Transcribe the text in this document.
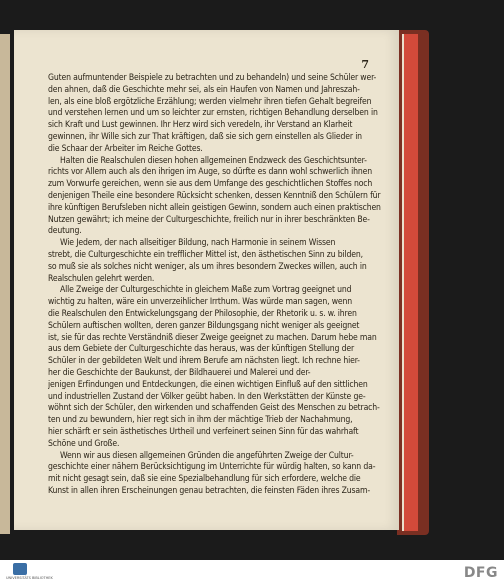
7
Guten aufmuntender Beispiele zu betrachten und zu behandeln) und seine Schüler wer-
den ahnen, daß die Geschichte mehr sei, als ein Haufen von Namen und Jahreszah-
len, als eine bloß ergötzliche Erzählung; werden vielmehr ihren tiefen Gehalt begreifen
und verstehen lernen und um so leichter zur ernsten, richtigen Behandlung derselben in
sich Kraft und Lust gewinnen. Ihr Herz wird sich veredeln, ihr Verstand an Klarheit
gewinnen, ihr Wille sich zur That kräftigen, daß sie sich gern einstellen als Glieder in
die Schaar der Arbeiter im Reiche Gottes.
Halten die Realschulen diesen hohen allgemeinen Endzweck des Geschichtsunter-
richts vor Allem auch als den ihrigen im Auge, so dürfte es dann wohl schwerlich ihnen
zum Vorwurfe gereichen, wenn sie aus dem Umfange des geschichtlichen Stoffes noch
denjenigen Theile eine besondere Rücksicht schenken, dessen Kenntniß den Schülern für
ihre künftigen Berufsleben nicht allein geistigen Gewinn, sondern auch einen praktischen
Nutzen gewährt; ich meine der Culturgeschichte, freilich nur in ihrer beschränkten Be-
deutung.
Wie Jedem, der nach allseitiger Bildung, nach Harmonie in seinem Wissen
strebt, die Culturgeschichte ein trefflicher Mittel ist, den ästhetischen Sinn zu bilden,
so muß sie als solches nicht weniger, als um ihres besondern Zweckes willen, auch in
Realschulen gelehrt werden.
Alle Zweige der Culturgeschichte in gleichem Maße zum Vortrag geeignet und
wichtig zu halten, wäre ein unverzeihlicher Irrthum. Was würde man sagen, wenn
die Realschulen den Entwickelungsgang der Philosophie, der Rhetorik u. s. w. ihren
Schülern auftischen wollten, deren ganzer Bildungsgang nicht weniger als geeignet
ist, sie für das rechte Verständniß dieser Zweige geeignet zu machen. Darum hebe man
aus dem Gebiete der Culturgeschichte das heraus, was der künftigen Stellung der
Schüler in der gebildeten Welt und ihrem Berufe am nächsten liegt. Ich rechne hier-
her die Geschichte der Baukunst, der Bildhauerei und Malerei und der-
jenigen Erfindungen und Entdeckungen, die einen wichtigen Einfluß auf den sittlichen
und industriellen Zustand der Völker geübt haben. In den Werkstätten der Künste ge-
wöhnt sich der Schüler, den wirkenden und schaffenden Geist des Menschen zu betrach-
ten und zu bewundern, hier regt sich in ihm der mächtige Trieb der Nachahmung,
hier schärft er sein ästhetisches Urtheil und verfeinert seinen Sinn für das wahrhaft
Schöne und Große.
Wenn wir aus diesen allgemeinen Gründen die angeführten Zweige der Cultur-
geschichte einer nähern Berücksichtigung im Unterrichte für würdig halten, so kann da-
mit nicht gesagt sein, daß sie eine Spezialbehandlung für sich erfordere, welche die
Kunst in allen ihren Erscheinungen genau betrachten, die feinsten Fäden ihres Zusam-
UNIVERSITÄTS BIBLIOTHEK	DFG
